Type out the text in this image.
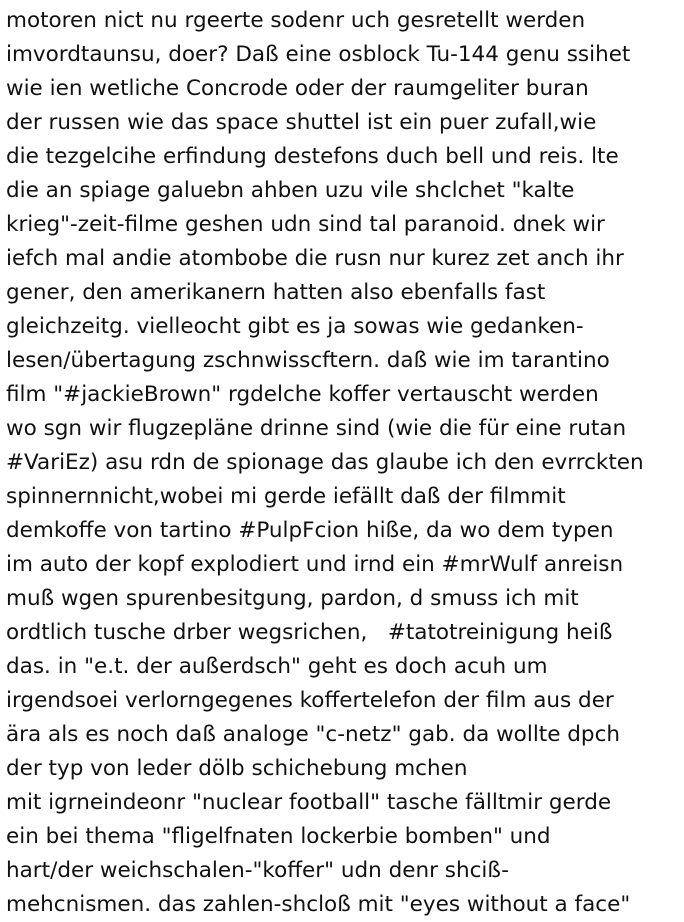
motoren nict nu rgeerte sodenr uch gesretellt werden
imvordtaunsu, doer? Daß eine osblock Tu-144 genu ssihet
wie ien wetliche Concrode oder der raumgeliter buran
der russen wie das space shuttel ist ein puer zufall,wie
die tezgelcihe erfindung destefons duch bell und reis. lte
die an spiage galuebn ahben uzu vile shclchet "kalte
krieg"-zeit-filme geshen udn sind tal paranoid. dnek wir
iefch mal andie atombobe die rusn nur kurez zet anch ihr
gener, den amerikanern hatten also ebenfalls fast
gleichzeitg. vielleocht gibt es ja sowas wie gedanken-
lesen/übertagung zschnwisscftern. daß wie im tarantino
film "#jackieBrown" rgdelche koffer vertauscht werden
wo sgn wir flugzepläne drinne sind (wie die für eine rutan
#VariEz) asu rdn de spionage das glaube ich den evrrckten
spinnernnicht,wobei mi gerde iefällt daß der filmmit
demkoffe von tartino #PulpFcion hiße, da wo dem typen
im auto der kopf explodiert und irnd ein #mrWulf anreisn
muß wgen spurenbesitgung, pardon, d smuss ich mit
ordtlich tusche drber wegsrichen,   #tatotreinigung heiß
das. in "e.t. der außerdsch" geht es doch acuh um
irgendsoei verlorngegenes koffertelefon der film aus der
ära als es noch daß analoge "c-netz" gab. da wollte dpch
der typ von leder dölb schichebung mchen
mit igrneindeonr "nuclear football" tasche fälltmir gerde
ein bei thema "fligelfnaten lockerbie bomben" und
hart/der weichschalen-"koffer" udn denr shciß-
mehcnismen. das zahlen-shcloß mit "eyes without a face"
